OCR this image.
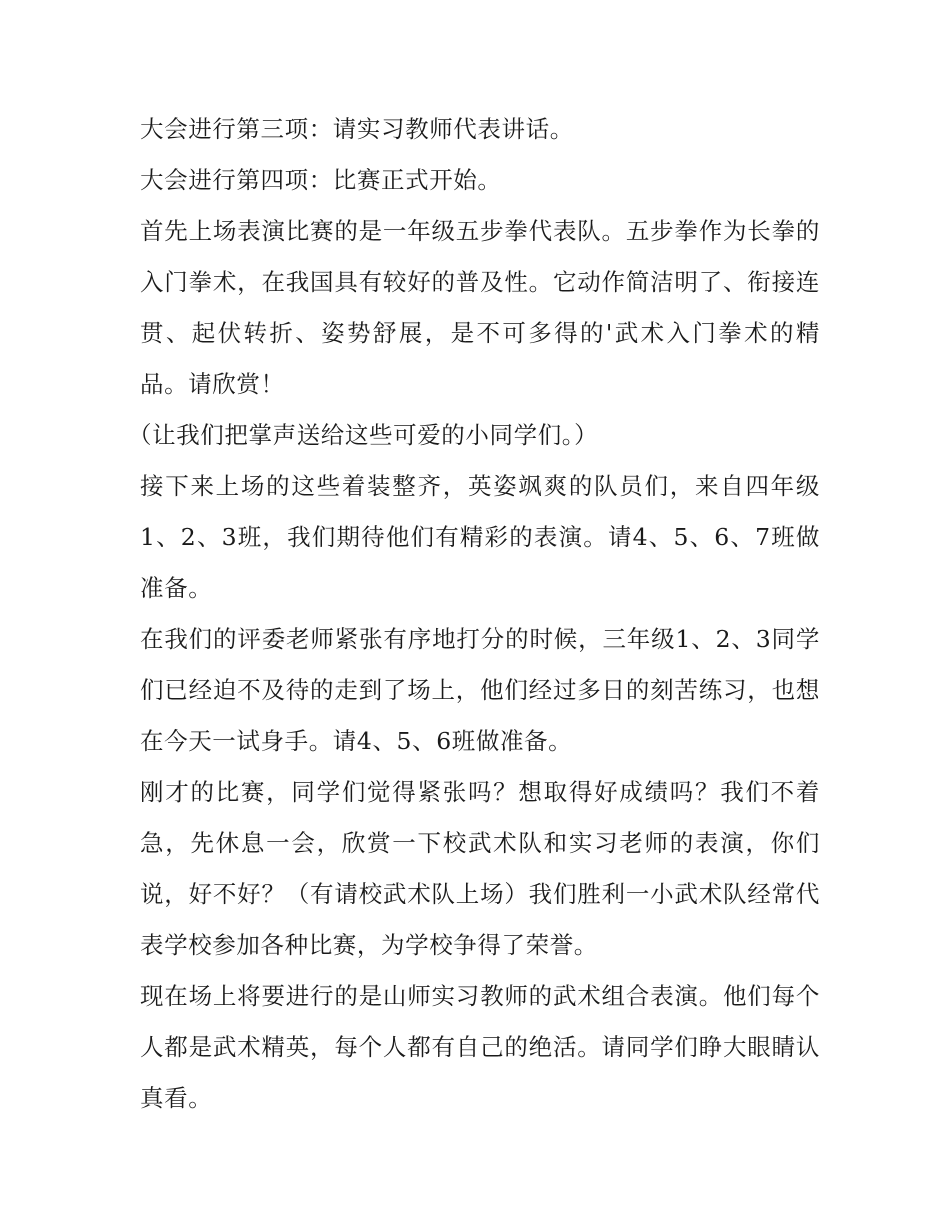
大会进行第三项：请实习教师代表讲话。

大会进行第四项：比赛正式开始。

首先上场表演比赛的是一年级五步拳代表队。五步拳作为长拳的入门拳术，在我国具有较好的普及性。它动作简洁明了、衔接连贯、起伏转折、姿势舒展，是不可多得的'武术入门拳术的精品。请欣赏！

（让我们把掌声送给这些可爱的小同学们。）

接下来上场的这些着装整齐，英姿飒爽的队员们，来自四年级1、2、3班，我们期待他们有精彩的表演。请4、5、6、7班做准备。

在我们的评委老师紧张有序地打分的时候，三年级1、2、3同学们已经迫不及待的走到了场上，他们经过多日的刻苦练习，也想在今天一试身手。请4、5、6班做准备。

刚才的比赛，同学们觉得紧张吗？想取得好成绩吗？我们不着急，先休息一会，欣赏一下校武术队和实习老师的表演，你们说，好不好？（有请校武术队上场）我们胜利一小武术队经常代表学校参加各种比赛，为学校争得了荣誉。

现在场上将要进行的是山师实习教师的武术组合表演。他们每个人都是武术精英，每个人都有自己的绝活。请同学们睁大眼睛认真看。
